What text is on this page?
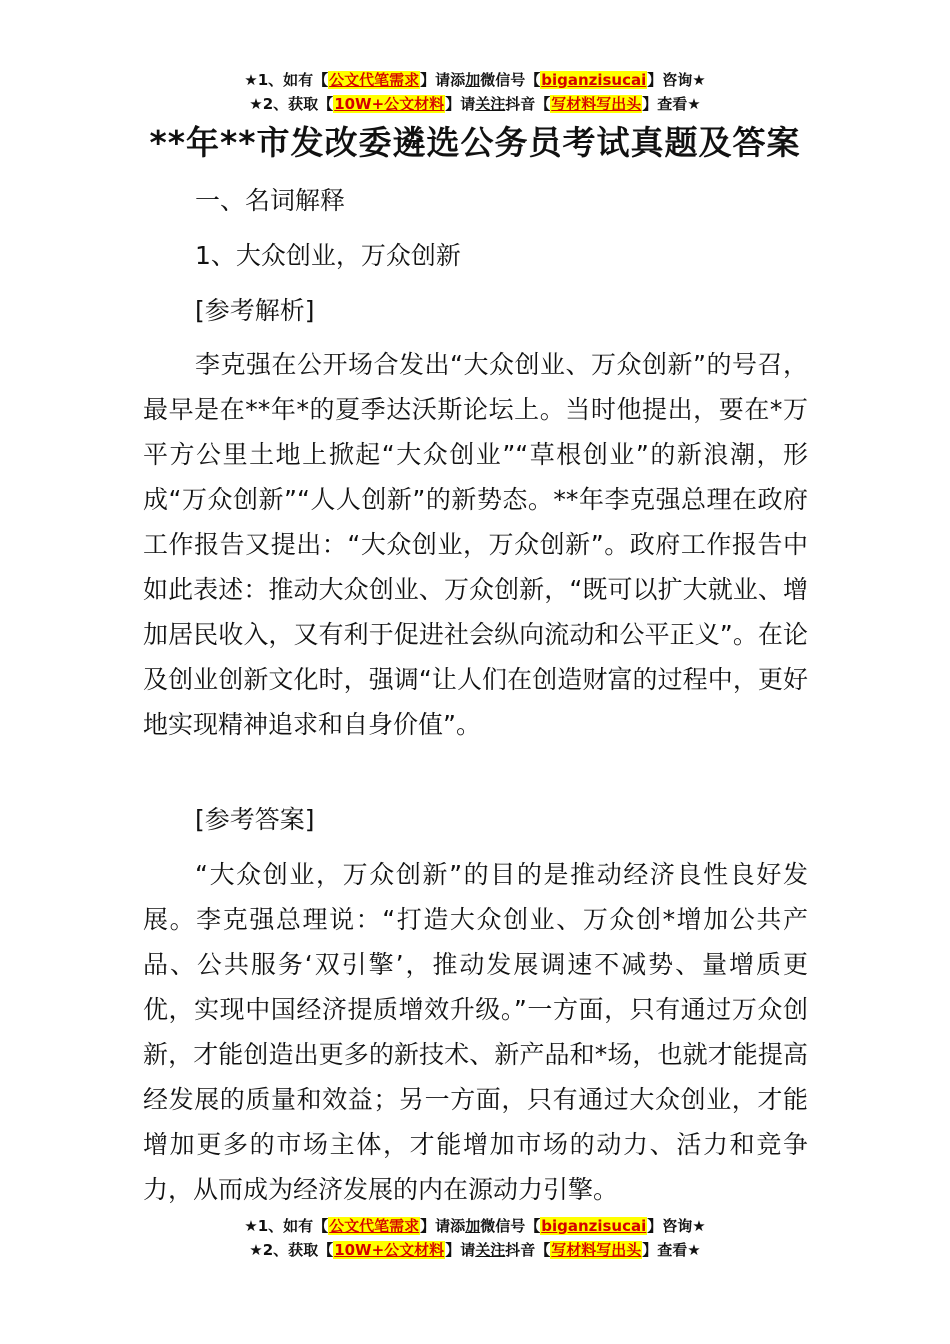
★1、如有【公文代笔需求】请添加微信号【biganzisucai】咨询★
★2、获取【10W+公文材料】请关注抖音【写材料写出头】查看★
**年**市发改委遴选公务员考试真题及答案

一、名词解释

1、大众创业，万众创新

[参考解析]

李克强在公开场合发出“大众创业、万众创新”的号召，最早是在**年*的夏季达沃斯论坛上。当时他提出，要在*万平方公里土地上掀起“大众创业”“草根创业”的新浪潮，形成“万众创新”“人人创新”的新势态。**年李克强总理在政府工作报告又提出：“大众创业，万众创新”。政府工作报告中如此表述：推动大众创业、万众创新，“既可以扩大就业、增加居民收入，又有利于促进社会纵向流动和公平正义”。在论及创业创新文化时，强调“让人们在创造财富的过程中，更好地实现精神追求和自身价值”。

[参考答案]

“大众创业，万众创新”的目的是推动经济良性良好发展。李克强总理说：“打造大众创业、万众创*增加公共产品、公共服务‘双引擎’，推动发展调速不减势、量增质更优，实现中国经济提质增效升级。”一方面，只有通过万众创新，才能创造出更多的新技术、新产品和*场，也就才能提高经发展的质量和效益；另一方面，只有通过大众创业，才能增加更多的市场主体，才能增加市场的动力、活力和竞争力，从而成为经济发展的内在源动力引擎。

★1、如有【公文代笔需求】请添加微信号【biganzisucai】咨询★
★2、获取【10W+公文材料】请关注抖音【写材料写出头】查看★
